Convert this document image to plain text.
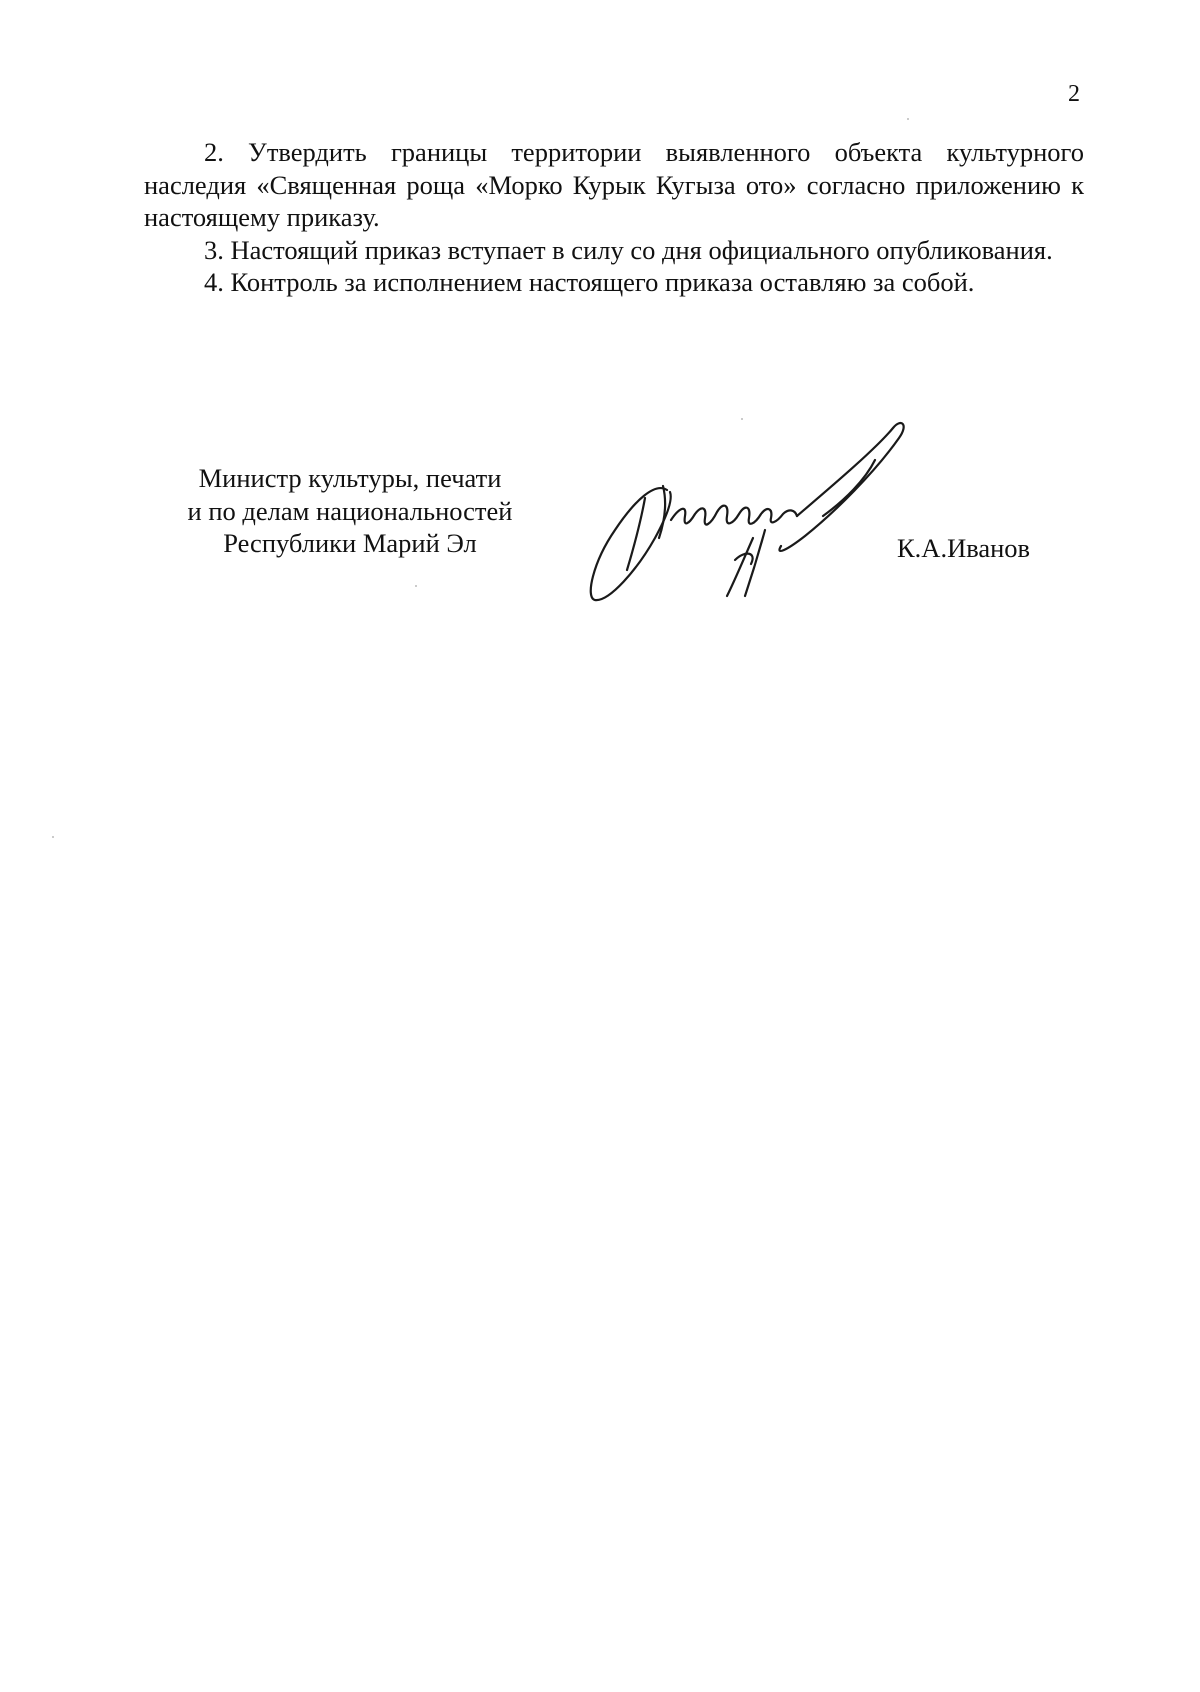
2

2. Утвердить границы территории выявленного объекта культурного наследия «Священная роща «Морко Курык Кугыза ото» согласно приложению к настоящему приказу.

3. Настоящий приказ вступает в силу со дня официального опубликования.

4. Контроль за исполнением настоящего приказа оставляю за собой.

Министр культуры, печати
и по делам национальностей
Республики Марий Эл	К.А.Иванов
